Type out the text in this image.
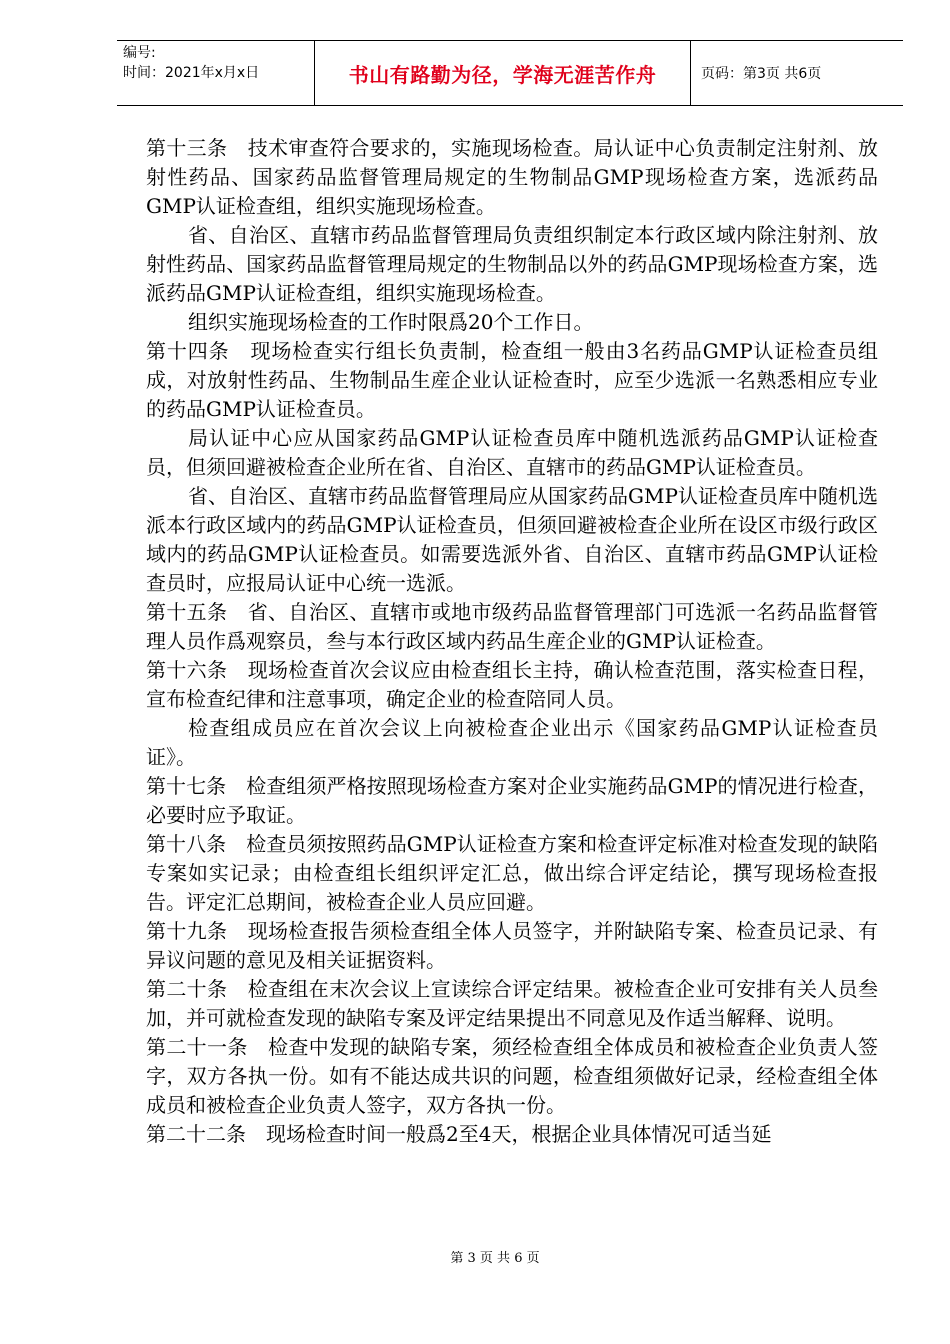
编号:
时间：2021年x月x日	书山有路勤为径，学海无涯苦作舟	页码：第3页 共6页

第十三条　技术审查符合要求的，实施现场检查。局认证中心负责制定注射剂、放射性药品、国家药品监督管理局规定的生物制品GMP现场检查方案，选派药品GMP认证检查组，组织实施现场检查。

省、自治区、直辖市药品监督管理局负责组织制定本行政区域内除注射剂、放射性药品、国家药品监督管理局规定的生物制品以外的药品GMP现场检查方案，选派药品GMP认证检查组，组织实施现场检查。

组织实施现场检查的工作时限爲20个工作日。

第十四条　现场检查实行组长负责制，检查组一般由3名药品GMP认证检查员组成，对放射性药品、生物制品生産企业认证检查时，应至少选派一名熟悉相应专业的药品GMP认证检查员。

局认证中心应从国家药品GMP认证检查员库中随机选派药品GMP认证检查员，但须回避被检查企业所在省、自治区、直辖市的药品GMP认证检查员。

省、自治区、直辖市药品监督管理局应从国家药品GMP认证检查员库中随机选派本行政区域内的药品GMP认证检查员，但须回避被检查企业所在设区市级行政区域内的药品GMP认证检查员。如需要选派外省、自治区、直辖市药品GMP认证检查员时，应报局认证中心统一选派。

第十五条　省、自治区、直辖市或地市级药品监督管理部门可选派一名药品监督管理人员作爲观察员，叁与本行政区域内药品生産企业的GMP认证检查。

第十六条　现场检查首次会议应由检查组长主持，确认检查范围，落实检查日程，宣布检查纪律和注意事项，确定企业的检查陪同人员。

检查组成员应在首次会议上向被检查企业出示《国家药品GMP认证检查员证》。

第十七条　检查组须严格按照现场检查方案对企业实施药品GMP的情况进行检查，必要时应予取证。

第十八条　检查员须按照药品GMP认证检查方案和检查评定标准对检查发现的缺陷专案如实记录；由检查组长组织评定汇总，做出综合评定结论，撰写现场检查报告。评定汇总期间，被检查企业人员应回避。

第十九条　现场检查报告须检查组全体人员签字，并附缺陷专案、检查员记录、有异议问题的意见及相关证据资料。

第二十条　检查组在末次会议上宣读综合评定结果。被检查企业可安排有关人员叁加，并可就检查发现的缺陷专案及评定结果提出不同意见及作适当解释、说明。

第二十一条　检查中发现的缺陷专案，须经检查组全体成员和被检查企业负责人签字，双方各执一份。如有不能达成共识的问题，检查组须做好记录，经检查组全体成员和被检查企业负责人签字，双方各执一份。

第二十二条　现场检查时间一般爲2至4天，根据企业具体情况可适当延

第 3 页 共 6 页
